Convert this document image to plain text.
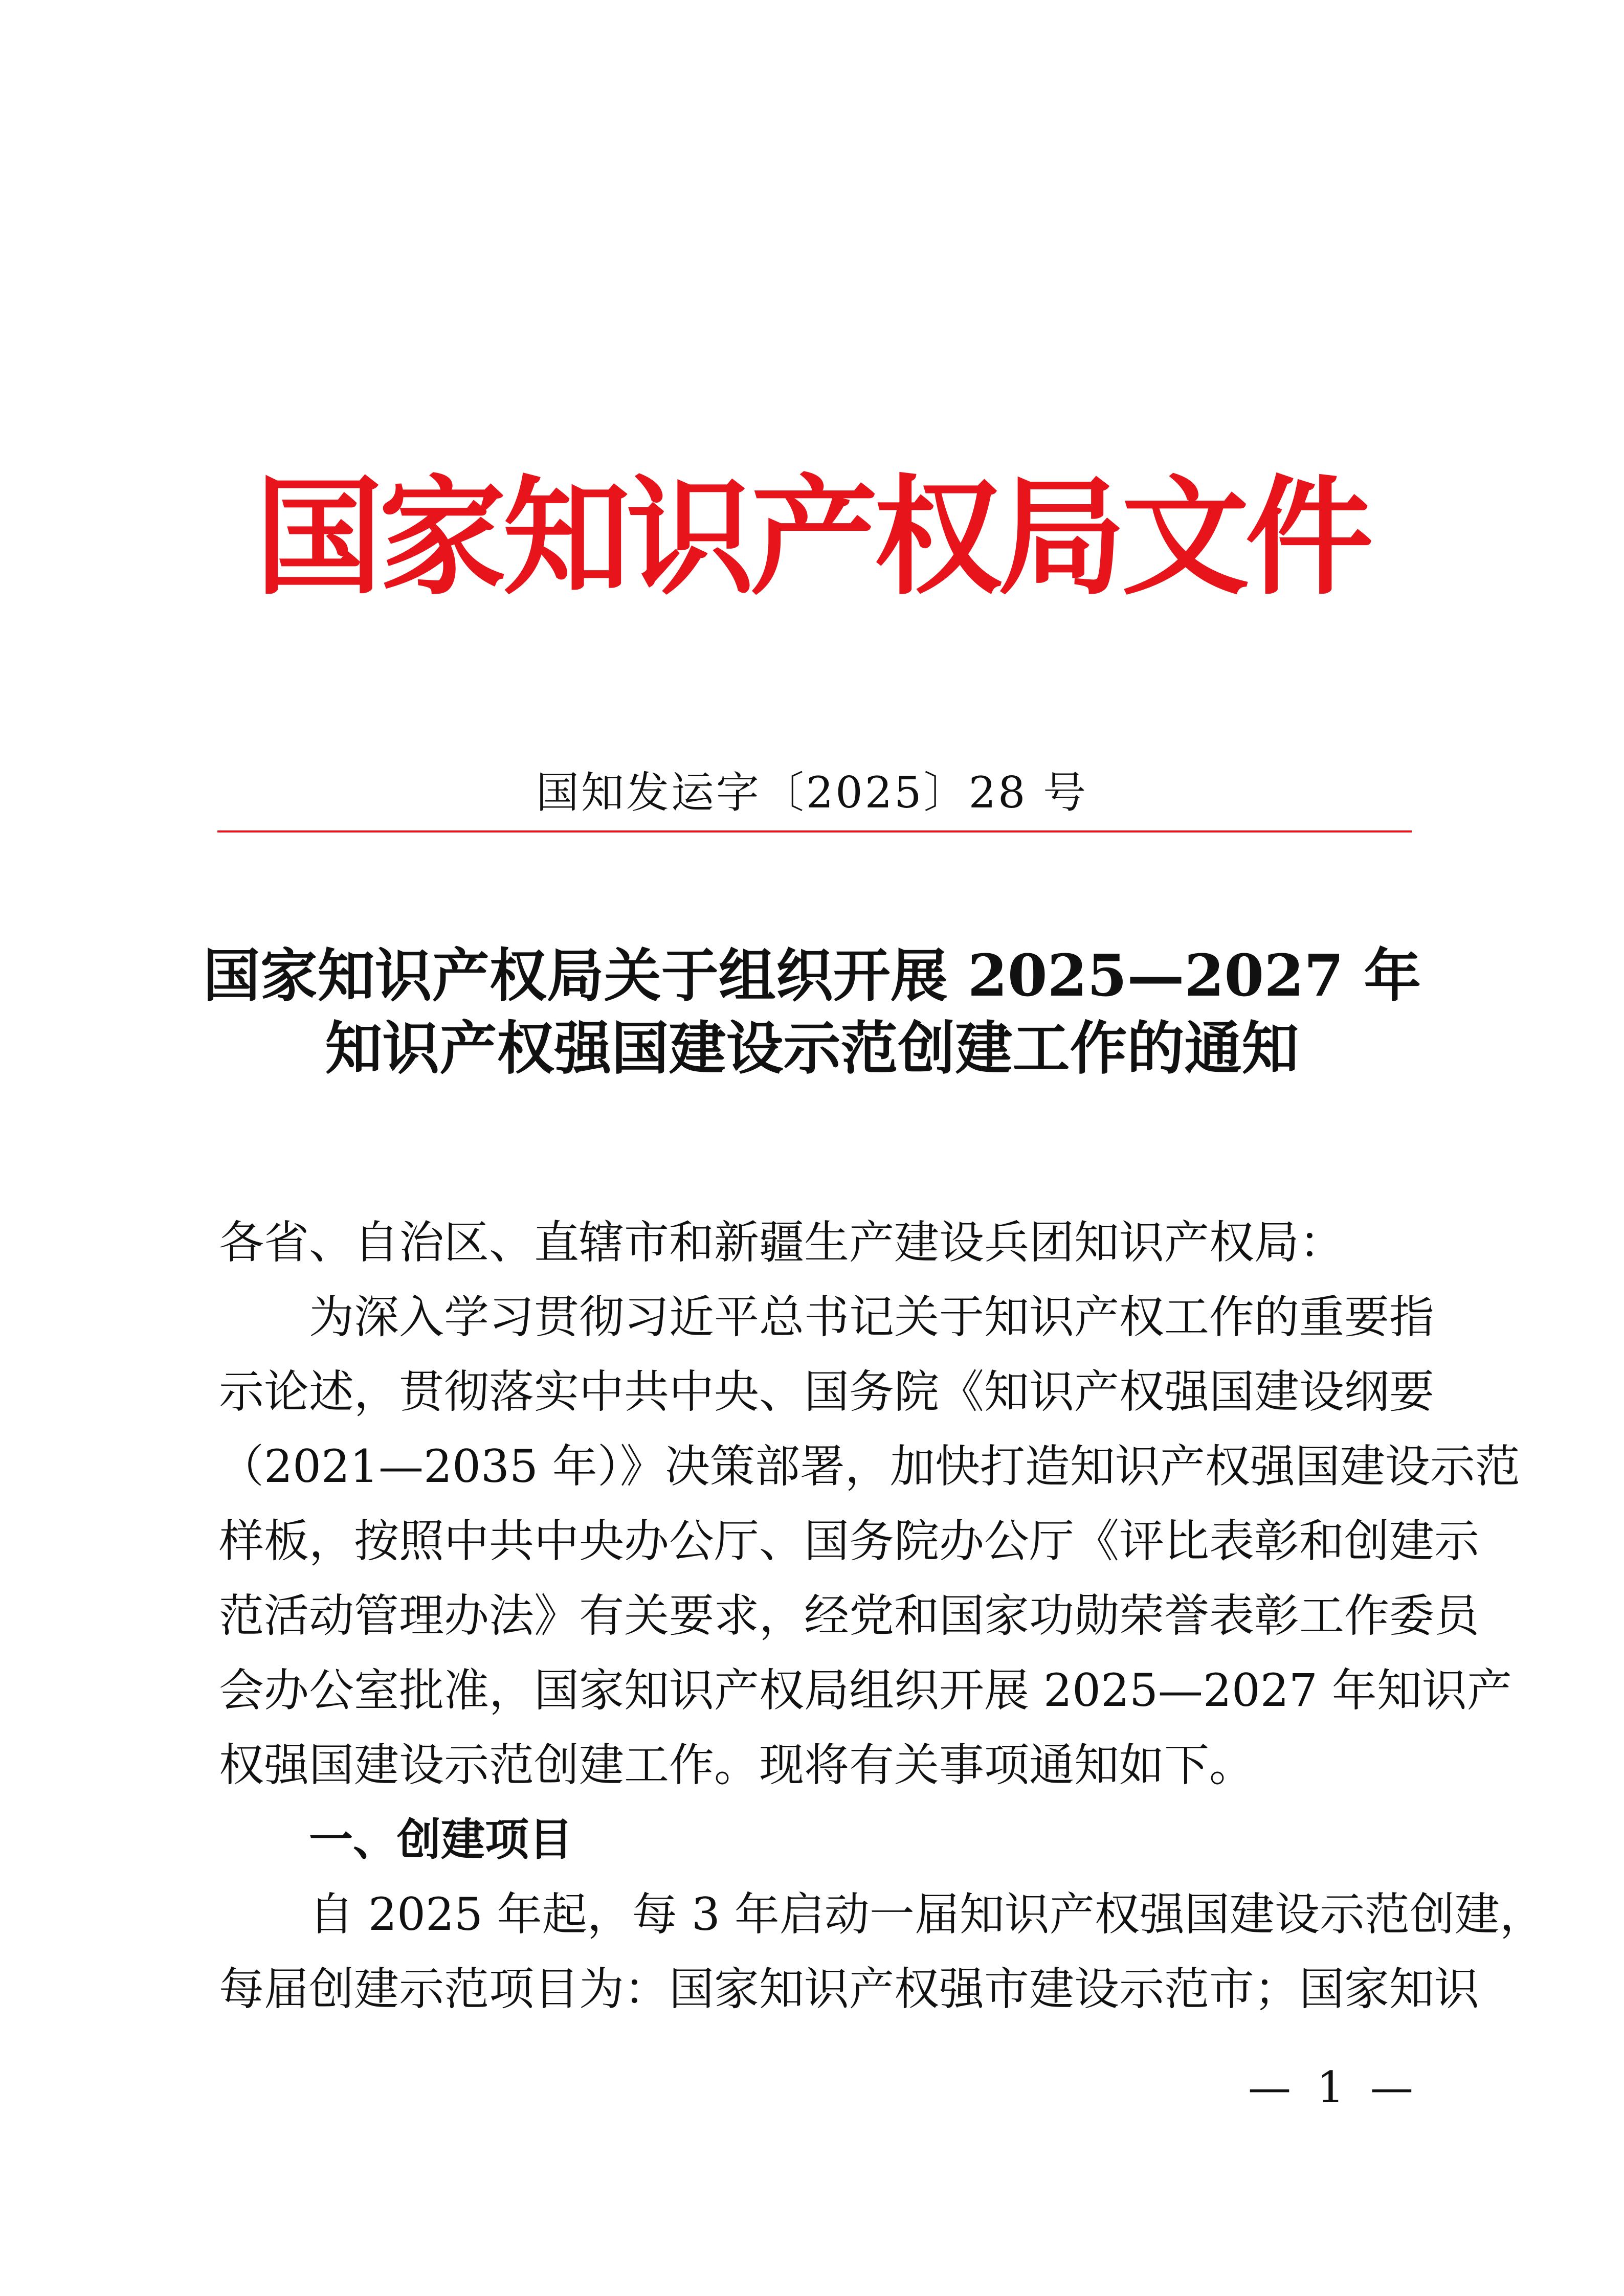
国家知识产权局文件
国知发运字〔2025〕28 号
国家知识产权局关于组织开展 2025—2027 年
知识产权强国建设示范创建工作的通知
各省、自治区、直辖市和新疆生产建设兵团知识产权局：
为深入学习贯彻习近平总书记关于知识产权工作的重要指
示论述，贯彻落实中共中央、国务院《知识产权强国建设纲要
（2021—2035 年）》决策部署，加快打造知识产权强国建设示范
样板，按照中共中央办公厅、国务院办公厅《评比表彰和创建示
范活动管理办法》有关要求，经党和国家功勋荣誉表彰工作委员
会办公室批准，国家知识产权局组织开展 2025—2027 年知识产
权强国建设示范创建工作。现将有关事项通知如下。
一、创建项目
自 2025 年起，每 3 年启动一届知识产权强国建设示范创建，
每届创建示范项目为：国家知识产权强市建设示范市；国家知识
— 1 —
